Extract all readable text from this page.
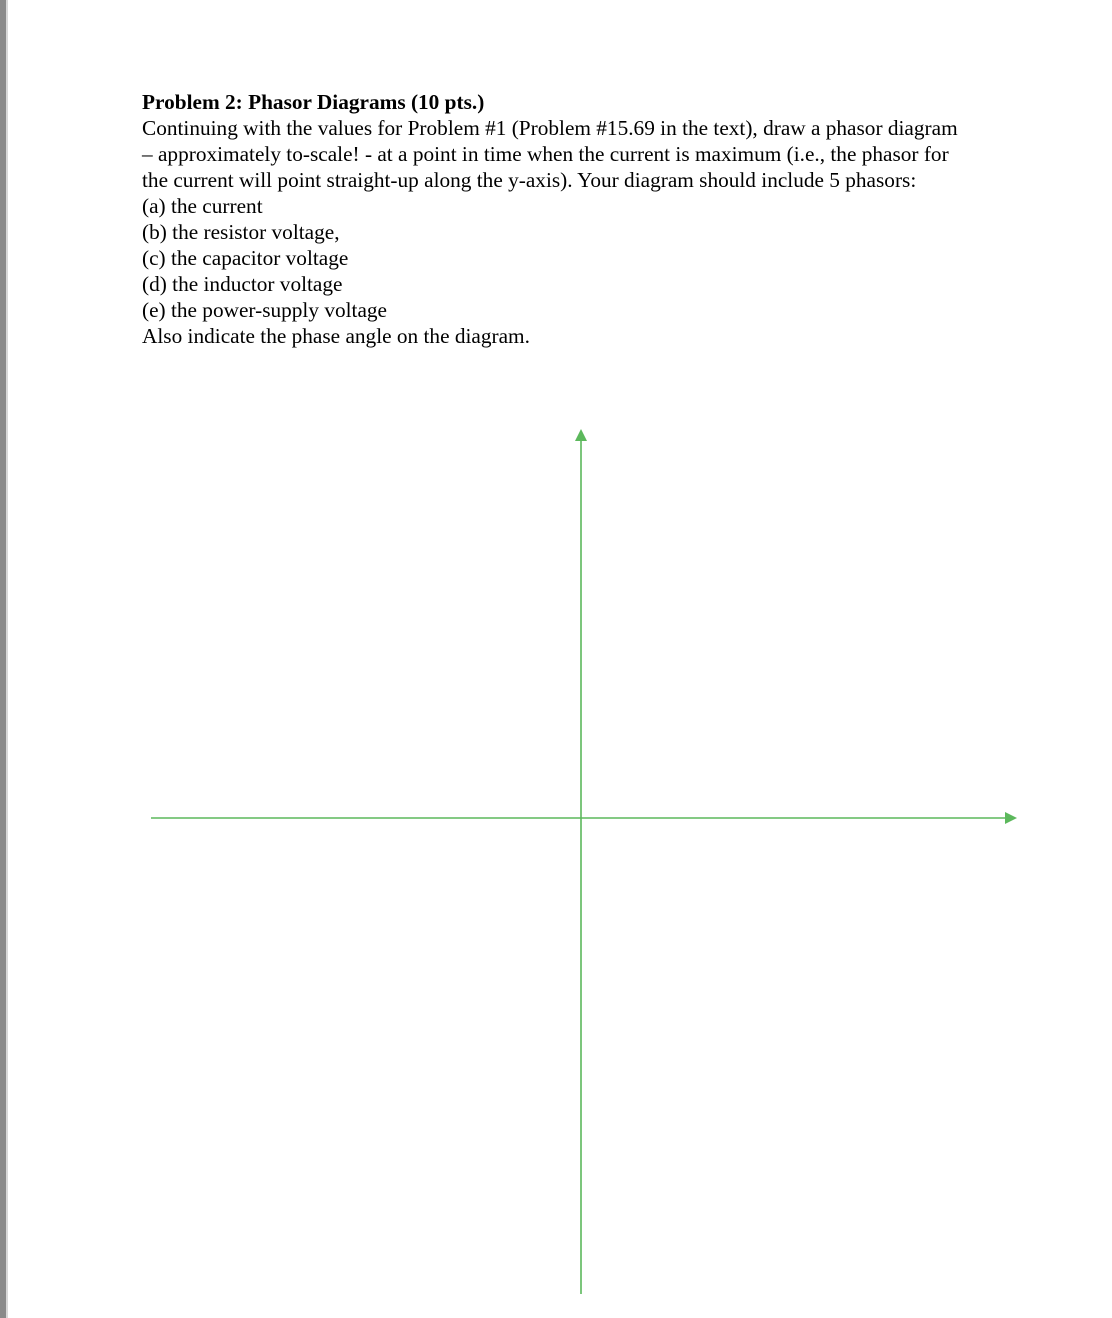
Problem 2: Phasor Diagrams (10 pts.)
Continuing with the values for Problem #1 (Problem #15.69 in the text), draw a phasor diagram
– approximately to-scale! - at a point in time when the current is maximum (i.e., the phasor for
the current will point straight-up along the y-axis). Your diagram should include 5 phasors:
(a) the current
(b) the resistor voltage,
(c) the capacitor voltage
(d) the inductor voltage
(e) the power-supply voltage
Also indicate the phase angle on the diagram.
